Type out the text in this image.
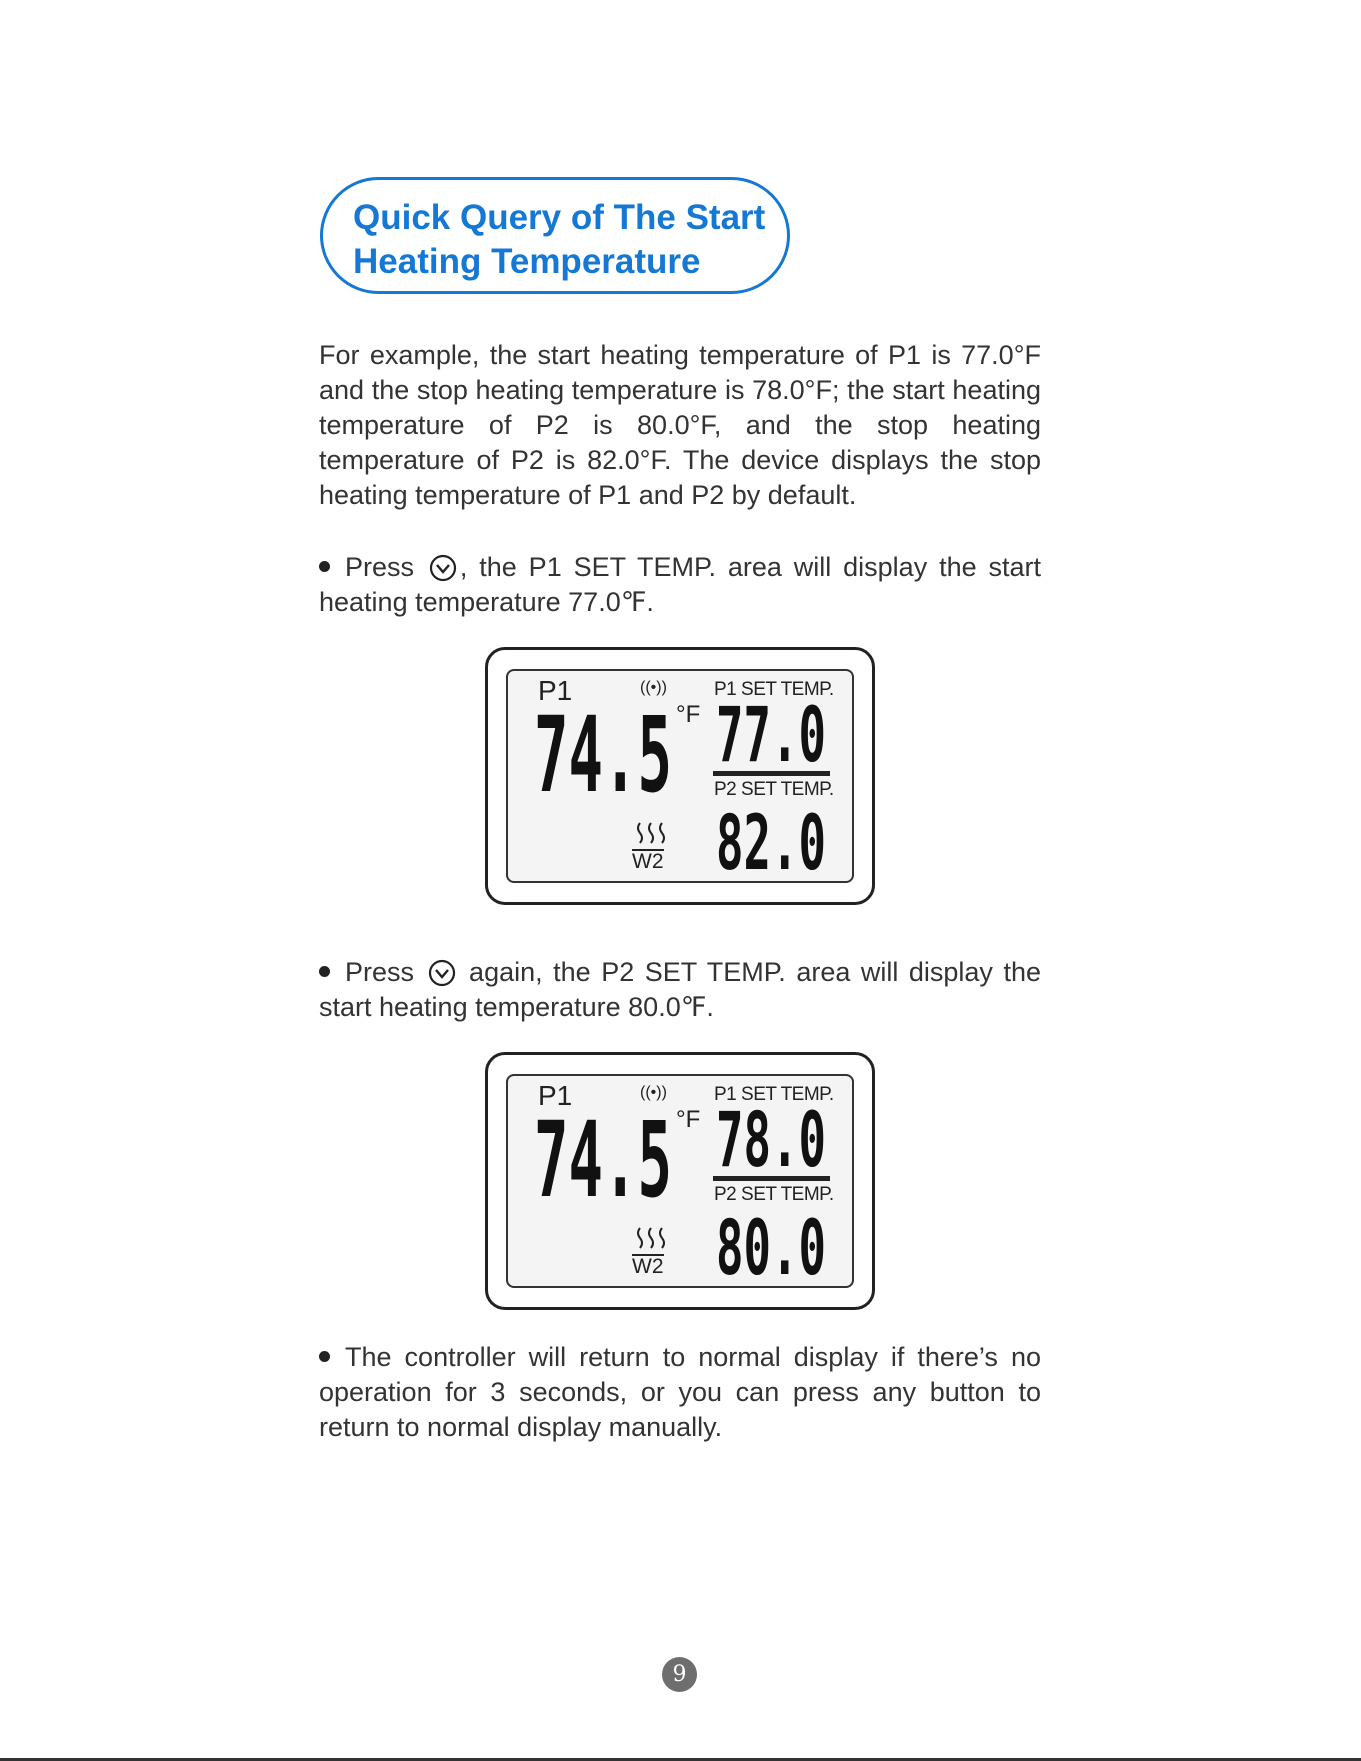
Quick Query of The Start
Heating Temperature
For example, the start heating temperature of P1 is 77.0°F and the stop heating temperature is 78.0°F; the start heating temperature of P2 is 80.0°F, and the stop heating temperature of P2 is 82.0°F. The device displays the stop heating temperature of P1 and P2 by default.
Press , the P1 SET TEMP. area will display the start heating temperature 77.0℉.
P1	((•)) P1 SET TEMP.
74.5 °F 77.0
P2 SET TEMP.
82.0
W2
Press  again, the P2 SET TEMP. area will display the start heating temperature 80.0℉.
P1	((•)) P1 SET TEMP.
74.5 °F 78.0
P2 SET TEMP.
80.0
W2
The controller will return to normal display if there’s no operation for 3 seconds, or you can press any button to return to normal display manually.
9
